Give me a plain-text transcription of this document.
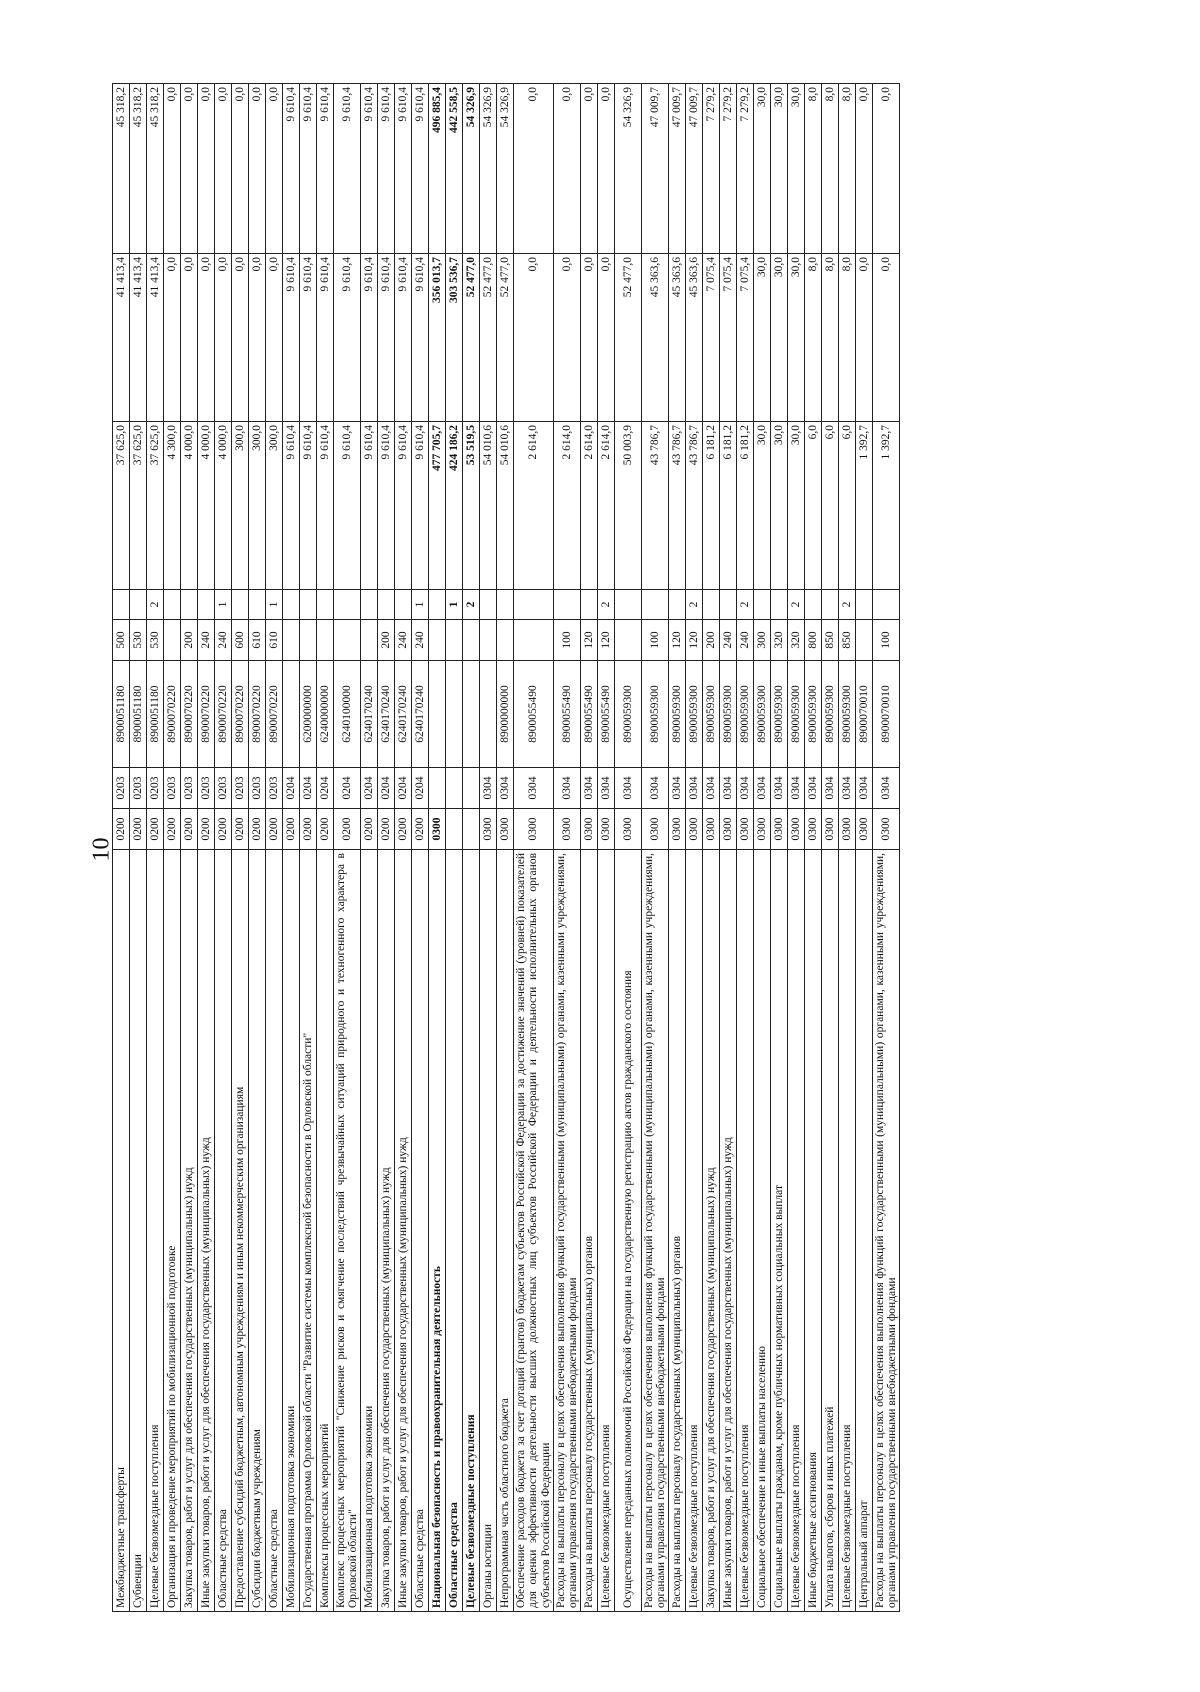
10
Межбюджетные трансферты	0200	0203	8900051180	500		37 625,0	41 413,4	45 318,2
Субвенции	0200	0203	8900051180	530		37 625,0	41 413,4	45 318,2
Целевые безвозмездные поступления	0200	0203	8900051180	530	2	37 625,0	41 413,4	45 318,2
Организация и проведение мероприятий по мобилизационной подготовке	0200	0203	8900070220			4 300,0	0,0	0,0
Закупка товаров, работ и услуг для обеспечения государственных (муниципальных) нужд	0200	0203	8900070220	200		4 000,0	0,0	0,0
Иные закупки товаров, работ и услуг для обеспечения государственных (муниципальных) нужд	0200	0203	8900070220	240		4 000,0	0,0	0,0
Областные средства	0200	0203	8900070220	240	1	4 000,0	0,0	0,0
Предоставление субсидий бюджетным, автономным учреждениям и иным некоммерческим организациям	0200	0203	8900070220	600		300,0	0,0	0,0
Субсидии бюджетным учреждениям	0200	0203	8900070220	610		300,0	0,0	0,0
Областные средства	0200	0203	8900070220	610	1	300,0	0,0	0,0
Мобилизационная подготовка экономики	0200	0204				9 610,4	9 610,4	9 610,4
Государственная программа Орловской области "Развитие системы комплексной безопасности в Орловской области"	0200	0204	6200000000			9 610,4	9 610,4	9 610,4
Комплексы процессных мероприятий	0200	0204	6240000000			9 610,4	9 610,4	9 610,4
Комплекс процессных мероприятий "Снижение рисков и смягчение последствий чрезвычайных ситуаций природного и техногенного характера в Орловской области"	0200	0204	6240100000			9 610,4	9 610,4	9 610,4
Мобилизационная подготовка экономики	0200	0204	6240170240			9 610,4	9 610,4	9 610,4
Закупка товаров, работ и услуг для обеспечения государственных (муниципальных) нужд	0200	0204	6240170240	200		9 610,4	9 610,4	9 610,4
Иные закупки товаров, работ и услуг для обеспечения государственных (муниципальных) нужд	0200	0204	6240170240	240		9 610,4	9 610,4	9 610,4
Областные средства	0200	0204	6240170240	240	1	9 610,4	9 610,4	9 610,4
Национальная безопасность и правоохранительная деятельность	0300					477 705,7	356 013,7	496 885,4
Областные средства					1	424 186,2	303 536,7	442 558,5
Целевые безвозмездные поступления					2	53 519,5	52 477,0	54 326,9
Органы юстиции	0300	0304				54 010,6	52 477,0	54 326,9
Непрограммная часть областного бюджета	0300	0304	8900000000			54 010,6	52 477,0	54 326,9
Обеспечение расходов бюджета за счет дотаций (грантов) бюджетам субъектов Российской Федерации за достижение значений (уровней) показателей для оценки эффективности деятельности высших должностных лиц субъектов Российской Федерации и деятельности исполнительных органов субъектов Российской Федерации	0300	0304	8900055490			2 614,0	0,0	0,0
Расходы на выплаты персоналу в целях обеспечения выполнения функций государственными (муниципальными) органами, казенными учреждениями, органами управления государственными внебюджетными фондами	0300	0304	8900055490	100		2 614,0	0,0	0,0
Расходы на выплаты персоналу государственных (муниципальных) органов	0300	0304	8900055490	120		2 614,0	0,0	0,0
Целевые безвозмездные поступления	0300	0304	8900055490	120	2	2 614,0	0,0	0,0
Осуществление переданных полномочий Российской Федерации на государственную регистрацию актов гражданского состояния	0300	0304	8900059300			50 003,9	52 477,0	54 326,9
Расходы на выплаты персоналу в целях обеспечения выполнения функций государственными (муниципальными) органами, казенными учреждениями, органами управления государственными внебюджетными фондами	0300	0304	8900059300	100		43 786,7	45 363,6	47 009,7
Расходы на выплаты персоналу государственных (муниципальных) органов	0300	0304	8900059300	120		43 786,7	45 363,6	47 009,7
Целевые безвозмездные поступления	0300	0304	8900059300	120	2	43 786,7	45 363,6	47 009,7
Закупка товаров, работ и услуг для обеспечения государственных (муниципальных) нужд	0300	0304	8900059300	200		6 181,2	7 075,4	7 279,2
Иные закупки товаров, работ и услуг для обеспечения государственных (муниципальных) нужд	0300	0304	8900059300	240		6 181,2	7 075,4	7 279,2
Целевые безвозмездные поступления	0300	0304	8900059300	240	2	6 181,2	7 075,4	7 279,2
Социальное обеспечение и иные выплаты населению	0300	0304	8900059300	300		30,0	30,0	30,0
Социальные выплаты гражданам, кроме публичных нормативных социальных выплат	0300	0304	8900059300	320		30,0	30,0	30,0
Целевые безвозмездные поступления	0300	0304	8900059300	320	2	30,0	30,0	30,0
Иные бюджетные ассигнования	0300	0304	8900059300	800		6,0	8,0	8,0
Уплата налогов, сборов и иных платежей	0300	0304	8900059300	850		6,0	8,0	8,0
Целевые безвозмездные поступления	0300	0304	8900059300	850	2	6,0	8,0	8,0
Центральный аппарат	0300	0304	8900070010			1 392,7	0,0	0,0
Расходы на выплаты персоналу в целях обеспечения выполнения функций государственными (муниципальными) органами, казенными учреждениями, органами управления государственными внебюджетными фондами	0300	0304	8900070010	100		1 392,7	0,0	0,0
